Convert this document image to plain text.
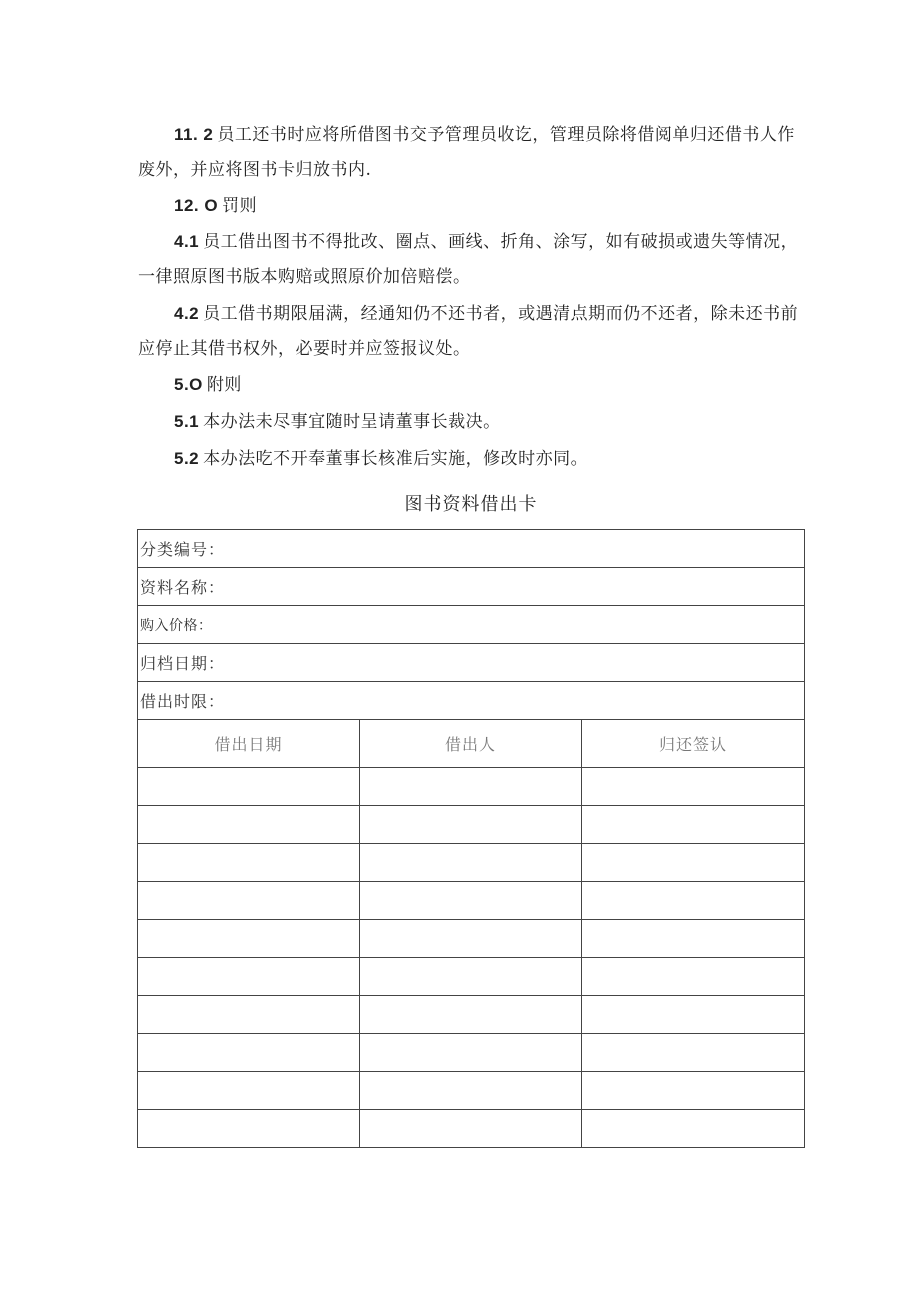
11. 2 员工还书时应将所借图书交予管理员收讫，管理员除将借阅单归还借书人作废外，并应将图书卡归放书内.
12. O 罚则
4.1 员工借出图书不得批改、圈点、画线、折角、涂写，如有破损或遗失等情况，一律照原图书版本购赔或照原价加倍赔偿。
4.2 员工借书期限届满，经通知仍不还书者，或遇清点期而仍不还者，除未还书前应停止其借书权外，必要时并应签报议处。
5.O 附则
5.1 本办法未尽事宜随时呈请董事长裁决。
5.2 本办法吃不开奉董事长核准后实施，修改时亦同。
图书资料借出卡
分类编号：		
资料名称：		
购入价格：		
归档日期：		
借出时限：		
借出日期	借出人	归还签认
